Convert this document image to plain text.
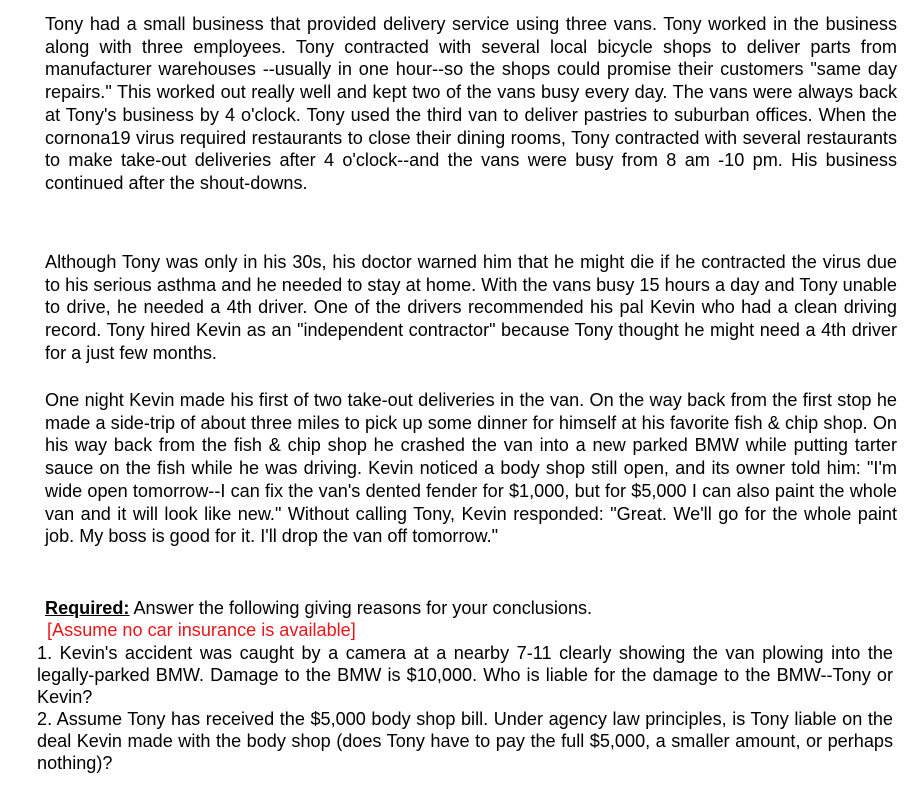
Tony had a small business that provided delivery service using three vans. Tony worked in the business along with three employees. Tony contracted with several local bicycle shops to deliver parts from manufacturer warehouses --usually in one hour--so the shops could promise their customers "same day repairs." This worked out really well and kept two of the vans busy every day. The vans were always back at Tony's business by 4 o'clock. Tony used the third van to deliver pastries to suburban offices. When the cornona19 virus required restaurants to close their dining rooms, Tony contracted with several restaurants to make take-out deliveries after 4 o'clock--and the vans were busy from 8 am -10 pm. His business continued after the shout-downs.

Although Tony was only in his 30s, his doctor warned him that he might die if he contracted the virus due to his serious asthma and he needed to stay at home. With the vans busy 15 hours a day and Tony unable to drive, he needed a 4th driver. One of the drivers recommended his pal Kevin who had a clean driving record. Tony hired Kevin as an "independent contractor" because Tony thought he might need a 4th driver for a just few months.

One night Kevin made his first of two take-out deliveries in the van. On the way back from the first stop he made a side-trip of about three miles to pick up some dinner for himself at his favorite fish & chip shop. On his way back from the fish & chip shop he crashed the van into a new parked BMW while putting tarter sauce on the fish while he was driving. Kevin noticed a body shop still open, and its owner told him: "I'm wide open tomorrow--I can fix the van's dented fender for $1,000, but for $5,000 I can also paint the whole van and it will look like new." Without calling Tony, Kevin responded: "Great. We'll go for the whole paint job. My boss is good for it. I'll drop the van off tomorrow."

Required: Answer the following giving reasons for your conclusions.

[Assume no car insurance is available]

1. Kevin's accident was caught by a camera at a nearby 7-11 clearly showing the van plowing into the legally-parked BMW. Damage to the BMW is $10,000. Who is liable for the damage to the BMW--Tony or Kevin?

2. Assume Tony has received the $5,000 body shop bill. Under agency law principles, is Tony liable on the deal Kevin made with the body shop (does Tony have to pay the full $5,000, a smaller amount, or perhaps nothing)?
